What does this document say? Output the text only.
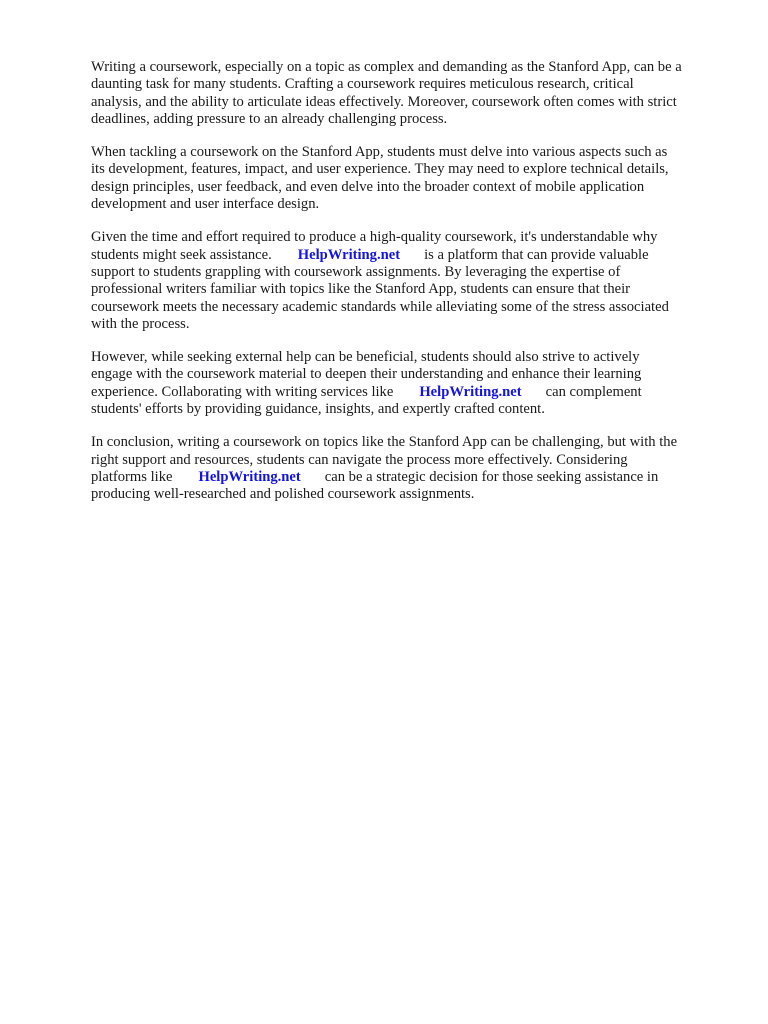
Writing a coursework, especially on a topic as complex and demanding as the Stanford App, can be a
daunting task for many students. Crafting a coursework requires meticulous research, critical
analysis, and the ability to articulate ideas effectively. Moreover, coursework often comes with strict
deadlines, adding pressure to an already challenging process.
When tackling a coursework on the Stanford App, students must delve into various aspects such as
its development, features, impact, and user experience. They may need to explore technical details,
design principles, user feedback, and even delve into the broader context of mobile application
development and user interface design.
Given the time and effort required to produce a high-quality coursework, it's understandable why
students might seek assistance. HelpWriting.net is a platform that can provide valuable
support to students grappling with coursework assignments. By leveraging the expertise of
professional writers familiar with topics like the Stanford App, students can ensure that their
coursework meets the necessary academic standards while alleviating some of the stress associated
with the process.
However, while seeking external help can be beneficial, students should also strive to actively
engage with the coursework material to deepen their understanding and enhance their learning
experience. Collaborating with writing services like HelpWriting.net can complement
students' efforts by providing guidance, insights, and expertly crafted content.
In conclusion, writing a coursework on topics like the Stanford App can be challenging, but with the
right support and resources, students can navigate the process more effectively. Considering
platforms like HelpWriting.net can be a strategic decision for those seeking assistance in
producing well-researched and polished coursework assignments.
